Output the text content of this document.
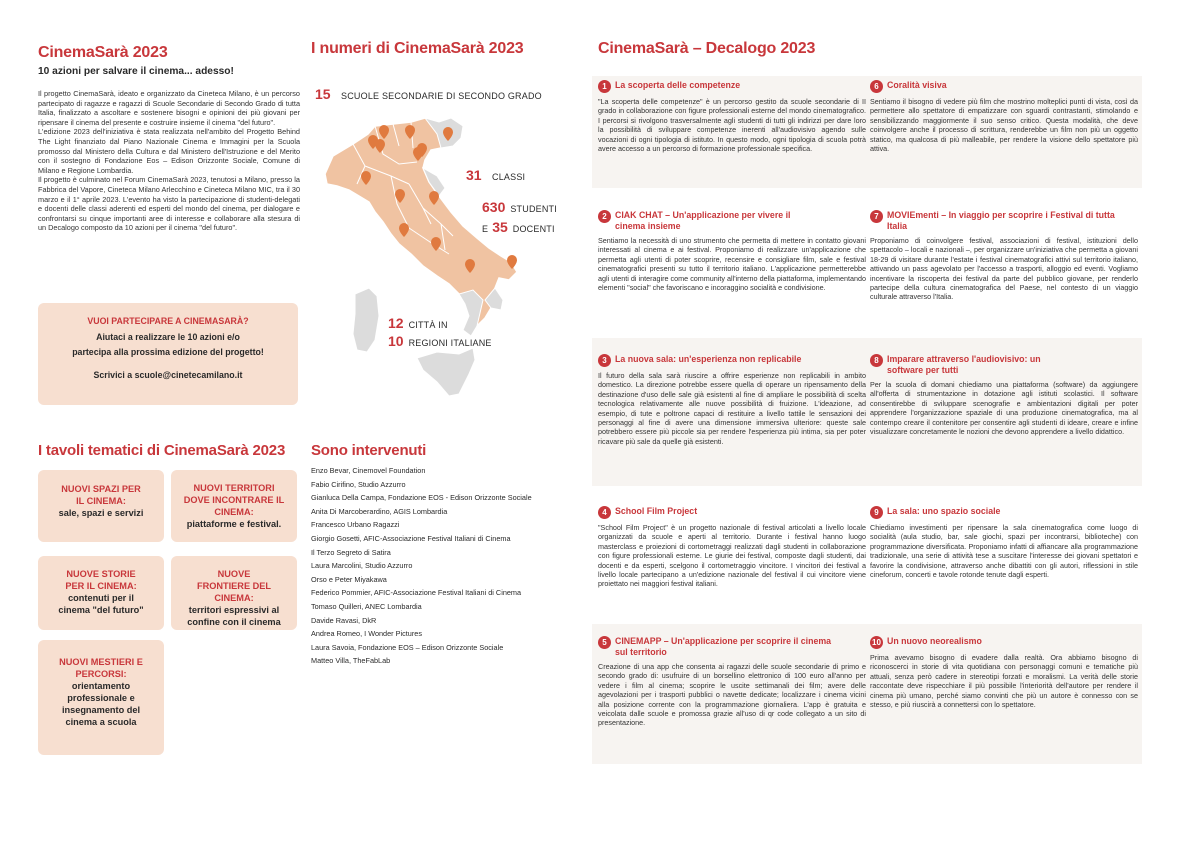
CinemaSarà 2023
10 azioni per salvare il cinema... adesso!

Il progetto CinemaSarà, ideato e organizzato da Cineteca Milano, è un percorso partecipato di ragazze e ragazzi di Scuole Secondarie di Secondo Grado di tutta Italia, finalizzato a ascoltare e sostenere bisogni e opinioni dei più giovani per ripensare il cinema del presente e costruire insieme il cinema "del futuro".

L'edizione 2023 dell'iniziativa è stata realizzata nell'ambito del Progetto Behind The Light finanziato dal Piano Nazionale Cinema e Immagini per la Scuola promosso dal Ministero della Cultura e dal Ministero dell'Istruzione e del Merito con il sostegno di Fondazione Eos – Edison Orizzonte Sociale, Comune di Milano e Regione Lombardia.

Il progetto è culminato nel Forum CinemaSarà 2023, tenutosi a Milano, presso la Fabbrica del Vapore, Cineteca Milano Arlecchino e Cineteca Milano MIC, tra il 30 marzo e il 1° aprile 2023. L'evento ha visto la partecipazione di studenti-delegati e docenti delle classi aderenti ed esperti del mondo del cinema, per dialogare e confrontarsi su cinque importanti aree di interesse e collaborare alla stesura di un Decalogo composto da 10 azioni per il cinema "del futuro".

VUOI PARTECIPARE A CINEMASARÀ?
Aiutaci a realizzare le 10 azioni e/o
partecipa alla prossima edizione del progetto!
Scrivici a scuole@cinetecamilano.it
I tavoli tematici di CinemaSarà 2023
NUOVI SPAZI PER IL CINEMA:
sale, spazi e servizi
NUOVI TERRITORI DOVE INCONTRARE IL CINEMA:
piattaforme e festival.
NUOVE STORIE PER IL CINEMA:
contenuti per il cinema "del futuro"
NUOVE FRONTIERE DEL CINEMA:
territori espressivi al confine con il cinema
NUOVI MESTIERI E PERCORSI:
orientamento professionale e insegnamento del cinema a scuola
I numeri di CinemaSarà 2023
15 SCUOLE SECONDARIE DI SECONDO GRADO
31 CLASSI
630 STUDENTI
E 35 DOCENTI
12 CITTÀ IN
10 REGIONI ITALIANE
Sono intervenuti
Enzo Bevar, Cinemovel Foundation
Fabio Cirifino, Studio Azzurro
Gianluca Della Campa, Fondazione EOS - Edison Orizzonte Sociale
Anita Di Marcoberardino, AGIS Lombardia
Francesco Urbano Ragazzi
Giorgio Gosetti, AFIC-Associazione Festival Italiani di Cinema
Il Terzo Segreto di Satira
Laura Marcolini, Studio Azzurro
Orso e Peter Miyakawa
Federico Pommier, AFIC-Associazione Festival Italiani di Cinema
Tomaso Quilleri, ANEC Lombardia
Davide Ravasi, DkR
Andrea Romeo, I Wonder Pictures
Laura Savoia, Fondazione EOS – Edison Orizzonte Sociale
Matteo Villa, TheFabLab
CinemaSarà – Decalogo 2023
1 La scoperta delle competenze
"La scoperta delle competenze" è un percorso gestito da scuole secondarie di II grado in collaborazione con figure professionali esterne del mondo cinematografico. I percorsi si rivolgono trasversalmente agli studenti di tutti gli indirizzi per dare loro la possibilità di sviluppare competenze inerenti all'audiovisivo agendo sulle vocazioni di ogni tipologia di istituto. In questo modo, ogni tipologia di scuola potrà avere accesso a un percorso di formazione professionale specifica.
2 CIAK CHAT – Un'applicazione per vivere il cinema insieme
Sentiamo la necessità di uno strumento che permetta di mettere in contatto giovani interessati al cinema e ai festival. Proponiamo di realizzare un'applicazione che permetta agli utenti di poter scoprire, recensire e consigliare film, sale e festival cinematografici presenti su tutto il territorio italiano. L'applicazione permetterebbe agli utenti di interagire come community all'interno della piattaforma, implementando elementi "social" che favoriscano e incoraggino socialità e condivisione.
3 La nuova sala: un'esperienza non replicabile
Il futuro della sala sarà riuscire a offrire esperienze non replicabili in ambito domestico. La direzione potrebbe essere quella di operare un ripensamento della destinazione d'uso delle sale già esistenti al fine di ampliare le possibilità di scelta tecnologica relativamente alle nuove possibilità di fruizione. L'ideazione, ad esempio, di tute e poltrone capaci di restituire a livello tattile le sensazioni dei personaggi al fine di avere una dimensione immersiva ulteriore: queste sale potrebbero essere più piccole sia per rendere l'esperienza più intima, sia per poter ricavare più sale da quelle già esistenti.
4 School Film Project
"School Film Project" è un progetto nazionale di festival articolati a livello locale organizzati da scuole e aperti al territorio. Durante i festival hanno luogo masterclass e proiezioni di cortometraggi realizzati dagli studenti in collaborazione con figure professionali esterne. Le giurie dei festival, composte dagli studenti, dai docenti e da esperti, scelgono il cortometraggio vincitore. I vincitori dei festival a livello locale partecipano a un'edizione nazionale del festival il cui vincitore viene proiettato nei maggiori festival italiani.
5 CINEMAPP – Un'applicazione per scoprire il cinema sul territorio
Creazione di una app che consenta ai ragazzi delle scuole secondarie di primo e secondo grado di: usufruire di un borsellino elettronico di 100 euro all'anno per vedere i film al cinema; scoprire le uscite settimanali dei film; avere delle agevolazioni per i trasporti pubblici o navette dedicate; localizzare i cinema vicini alla posizione corrente con la programmazione giornaliera. L'app è gratuita e veicolata dalle scuole e promossa grazie all'uso di qr code collegato a un sito di presentazione.
6 Coralità visiva
Sentiamo il bisogno di vedere più film che mostrino molteplici punti di vista, così da permettere allo spettatore di empatizzare con sguardi contrastanti, stimolando e sensibilizzando maggiormente il suo senso critico. Questa modalità, che deve coinvolgere anche il processo di scrittura, renderebbe un film non più un oggetto statico, ma qualcosa di più malleabile, per rendere la visione dello spettatore più attiva.
7 MOVIEmenti – In viaggio per scoprire i Festival di tutta Italia
Proponiamo di coinvolgere festival, associazioni di festival, istituzioni dello spettacolo – locali e nazionali –, per organizzare un'iniziativa che permetta a giovani 18-29 di visitare durante l'estate i festival cinematografici attivi sul territorio italiano, attivando un pass agevolato per l'accesso a trasporti, alloggio ed eventi. Vogliamo incentivare la riscoperta dei festival da parte del pubblico giovane, per renderlo partecipe della cultura cinematografica del Paese, nel contesto di un viaggio culturale attraverso l'Italia.
8 Imparare attraverso l'audiovisivo: un software per tutti
Per la scuola di domani chiediamo una piattaforma (software) da aggiungere all'offerta di strumentazione in dotazione agli istituti scolastici. Il software consentirebbe di sviluppare scenografie e ambientazioni digitali per poter apprendere l'organizzazione spaziale di una produzione cinematografica, ma al contempo creare il contenitore per consentire agli studenti di ideare, creare e infine visualizzare concretamente le nozioni che devono apprendere a livello didattico.
9 La sala: uno spazio sociale
Chiediamo investimenti per ripensare la sala cinematografica come luogo di socialità (aula studio, bar, sale giochi, spazi per incontrarsi, biblioteche) con programmazione diversificata. Proponiamo infatti di affiancare alla programmazione tradizionale, una serie di attività tese a suscitare l'interesse dei giovani spettatori e favorire la condivisione, attraverso anche dibattiti con gli autori, riflessioni in stile cineforum, concerti e tavole rotonde tenute dagli esperti.
10 Un nuovo neorealismo
Prima avevamo bisogno di evadere dalla realtà. Ora abbiamo bisogno di riconoscerci in storie di vita quotidiana con personaggi comuni e tematiche più attuali, senza però cadere in stereotipi forzati e moralismi. La verità delle storie raccontate deve rispecchiare il più possibile l'interiorità dell'autore per rendere il cinema più umano, perché siamo convinti che più un autore è connesso con se stesso, e più riuscirà a connettersi con lo spettatore.
